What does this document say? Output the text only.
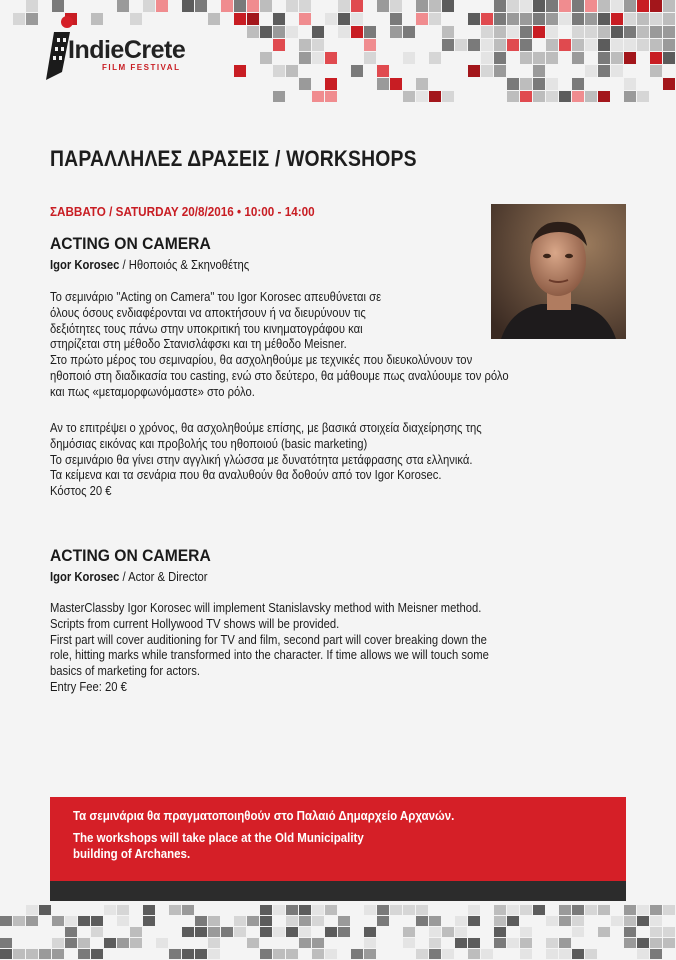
IndieCrete
FILM FESTIVAL
ΠΑΡΑΛΛΗΛΕΣ ΔΡΑΣΕΙΣ / WORKSHOPS
ΣΑΒΒΑΤΟ / SATURDAY 20/8/2016 • 10:00 - 14:00
ACTING ON CAMERA
Igor Korosec / Ηθοποιός & Σκηνοθέτης
Το σεμινάριο "Acting on Camera" του Igor Korosec απευθύνεται σε
όλους όσους ενδιαφέρονται να αποκτήσουν ή να διευρύνουν τις
δεξιότητες τους πάνω στην υποκριτική του κινηματογράφου και
στηρίζεται στη μέθοδο Στανισλάφσκι και τη μέθοδο Meisner.
Στο πρώτο μέρος του σεμιναρίου, θα ασχοληθούμε με τεχνικές που διευκολύνουν τον
ηθοποιό στη διαδικασία του casting, ενώ στο δεύτερο, θα μάθουμε πως αναλύουμε τον ρόλο
και πως «μεταμορφωνόμαστε» στο ρόλο.
Αν το επιτρέψει ο χρόνος, θα ασχοληθούμε επίσης, με βασικά στοιχεία διαχείρησης της
δημόσιας εικόνας και προβολής του ηθοποιού (basic marketing)
Το σεμινάριο θα γίνει στην αγγλική γλώσσα με δυνατότητα μετάφρασης στα ελληνικά.
Τα κείμενα και τα σενάρια που θα αναλυθούν θα δοθούν από τον Igor Korosec.
Κόστος 20 €
ACTING ON CAMERA
Igor Korosec / Actor & Director
MasterClassby Igor Korosec will implement Stanislavsky method with Meisner method.
Scripts from current Hollywood TV shows will be provided.
First part will cover auditioning for TV and film, second part will cover breaking down the
role, hitting marks while transformed into the character. If time allows we will touch some
basics of marketing for actors.
Entry Fee: 20 €
Τα σεμινάρια θα πραγματοποιηθούν στο Παλαιό Δημαρχείο Αρχανών.
The workshops will take place at the Old Municipality
building of Archanes.
